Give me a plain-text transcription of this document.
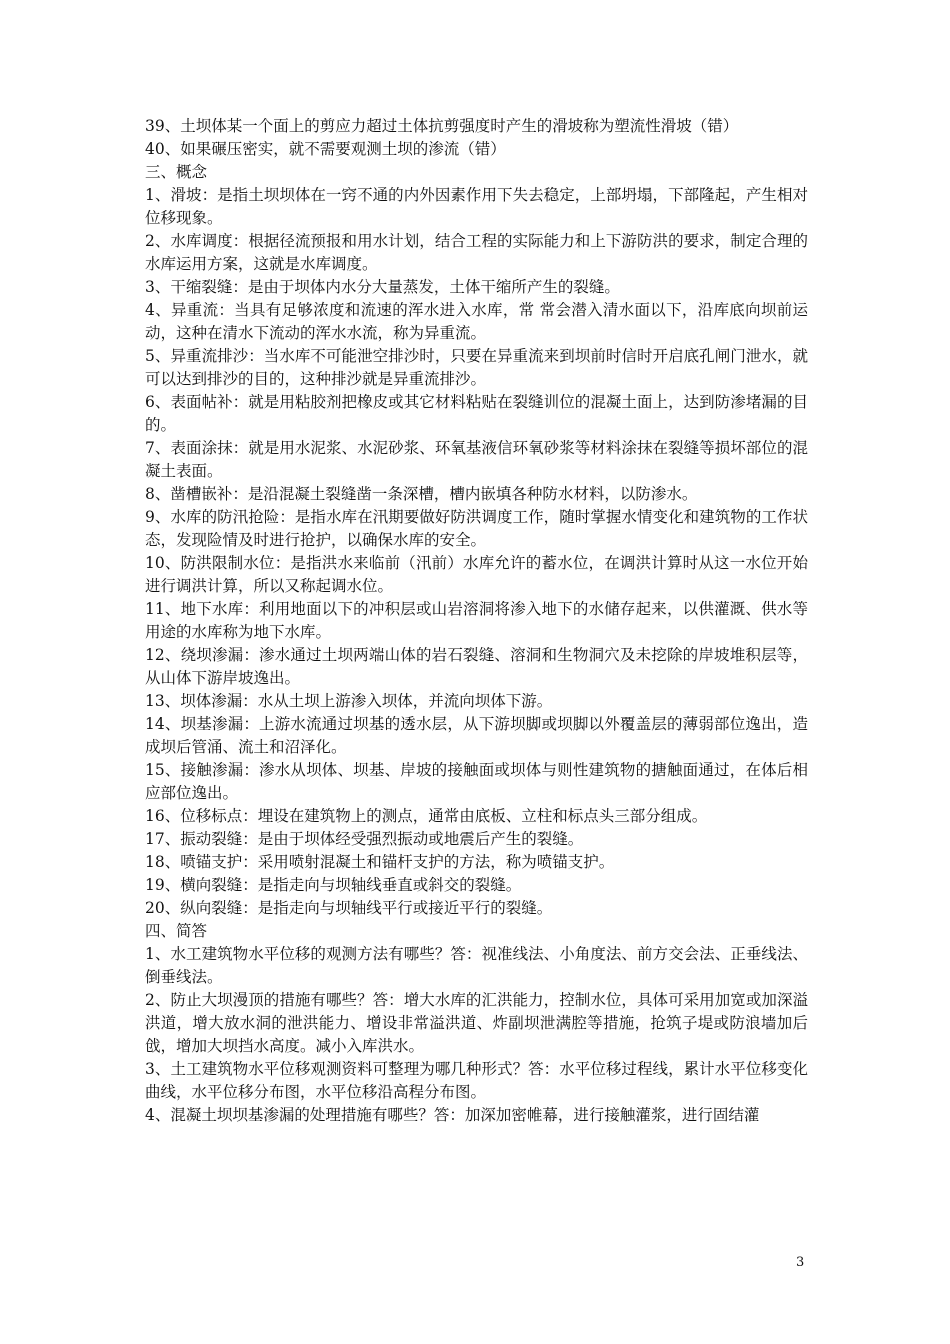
39、土坝体某一个面上的剪应力超过土体抗剪强度时产生的滑坡称为塑流性滑坡（错）

40、如果碾压密实，就不需要观测土坝的渗流（错）

三、概念

1、滑坡：是指土坝坝体在一窍不通的内外因素作用下失去稳定，上部坍塌，下部隆起，产生相对位移现象。

2、水库调度：根据径流预报和用水计划，结合工程的实际能力和上下游防洪的要求，制定合理的水库运用方案，这就是水库调度。

3、干缩裂缝：是由于坝体内水分大量蒸发，土体干缩所产生的裂缝。

4、异重流：当具有足够浓度和流速的浑水进入水库，常 常会潜入清水面以下，沿库底向坝前运动，这种在清水下流动的浑水水流，称为异重流。

5、异重流排沙：当水库不可能泄空排沙时，只要在异重流来到坝前时信时开启底孔闸门泄水，就可以达到排沙的目的，这种排沙就是异重流排沙。

6、表面帖补：就是用粘胶剂把橡皮或其它材料粘贴在裂缝训位的混凝土面上，达到防渗堵漏的目的。

7、表面涂抹：就是用水泥浆、水泥砂浆、环氧基液信环氧砂浆等材料涂抹在裂缝等损坏部位的混凝土表面。

8、凿槽嵌补：是沿混凝土裂缝凿一条深槽，槽内嵌填各种防水材料，以防渗水。

9、水库的防汛抢险：是指水库在汛期要做好防洪调度工作，随时掌握水情变化和建筑物的工作状态，发现险情及时进行抢护，以确保水库的安全。

10、防洪限制水位：是指洪水来临前（汛前）水库允许的蓄水位，在调洪计算时从这一水位开始进行调洪计算，所以又称起调水位。

11、地下水库：利用地面以下的冲积层或山岩溶洞将渗入地下的水储存起来，以供灌溉、供水等用途的水库称为地下水库。

12、绕坝渗漏：渗水通过土坝两端山体的岩石裂缝、溶洞和生物洞穴及未挖除的岸坡堆积层等，从山体下游岸坡逸出。

13、坝体渗漏：水从土坝上游渗入坝体，并流向坝体下游。

14、坝基渗漏：上游水流通过坝基的透水层，从下游坝脚或坝脚以外覆盖层的薄弱部位逸出，造成坝后管涌、流土和沼泽化。

15、接触渗漏：渗水从坝体、坝基、岸坡的接触面或坝体与则性建筑物的搪触面通过，在体后相应部位逸出。

16、位移标点：埋设在建筑物上的测点，通常由底板、立柱和标点头三部分组成。

17、振动裂缝：是由于坝体经受强烈振动或地震后产生的裂缝。

18、喷锚支护：采用喷射混凝土和锚杆支护的方法，称为喷锚支护。

19、横向裂缝：是指走向与坝轴线垂直或斜交的裂缝。

20、纵向裂缝：是指走向与坝轴线平行或接近平行的裂缝。

四、简答

1、水工建筑物水平位移的观测方法有哪些？答：视准线法、小角度法、前方交会法、正垂线法、倒垂线法。

2、防止大坝漫顶的措施有哪些？答：增大水库的汇洪能力，控制水位，具体可采用加宽或加深溢洪道，增大放水洞的泄洪能力、增设非常溢洪道、炸副坝泄满腔等措施，抢筑子堤或防浪墙加后戗，增加大坝挡水高度。减小入库洪水。

3、土工建筑物水平位移观测资料可整理为哪几种形式？答：水平位移过程线，累计水平位移变化曲线，水平位移分布图，水平位移沿高程分布图。

4、混凝土坝坝基渗漏的处理措施有哪些？答：加深加密帷幕，进行接触灌浆，进行固结灌

3
